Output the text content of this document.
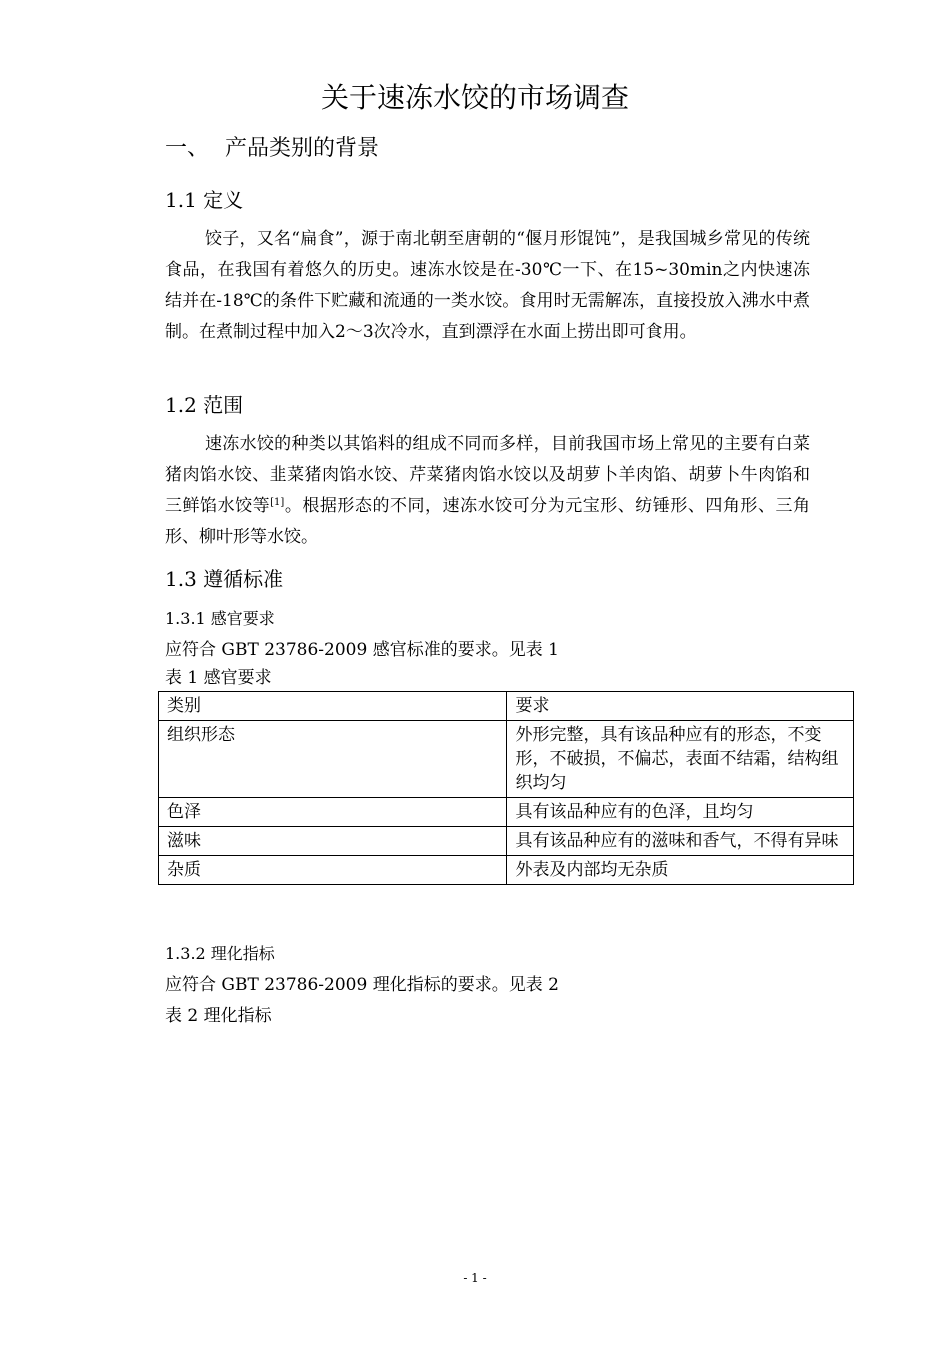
关于速冻水饺的市场调查
一、 产品类别的背景
1.1 定义
饺子，又名“扁食”，源于南北朝至唐朝的“偃月形馄饨”，是我国城乡常见的传统食品，在我国有着悠久的历史。速冻水饺是在-30℃一下、在15~30min之内快速冻结并在-18℃的条件下贮藏和流通的一类水饺。食用时无需解冻，直接投放入沸水中煮制。在煮制过程中加入2～3次冷水，直到漂浮在水面上捞出即可食用。
1.2 范围
速冻水饺的种类以其馅料的组成不同而多样，目前我国市场上常见的主要有白菜猪肉馅水饺、韭菜猪肉馅水饺、芹菜猪肉馅水饺以及胡萝卜羊肉馅、胡萝卜牛肉馅和三鲜馅水饺等[1]。根据形态的不同，速冻水饺可分为元宝形、纺锤形、四角形、三角形、柳叶形等水饺。
1.3 遵循标准
1.3.1 感官要求
应符合 GBT 23786-2009 感官标准的要求。见表 1
表 1 感官要求
类别	要求
组织形态	外形完整，具有该品种应有的形态，不变形，不破损，不偏芯，表面不结霜，结构组织均匀
色泽	具有该品种应有的色泽，且均匀
滋味	具有该品种应有的滋味和香气，不得有异味
杂质	外表及内部均无杂质
1.3.2 理化指标
应符合 GBT 23786-2009 理化指标的要求。见表 2
表 2 理化指标
- 1 -
